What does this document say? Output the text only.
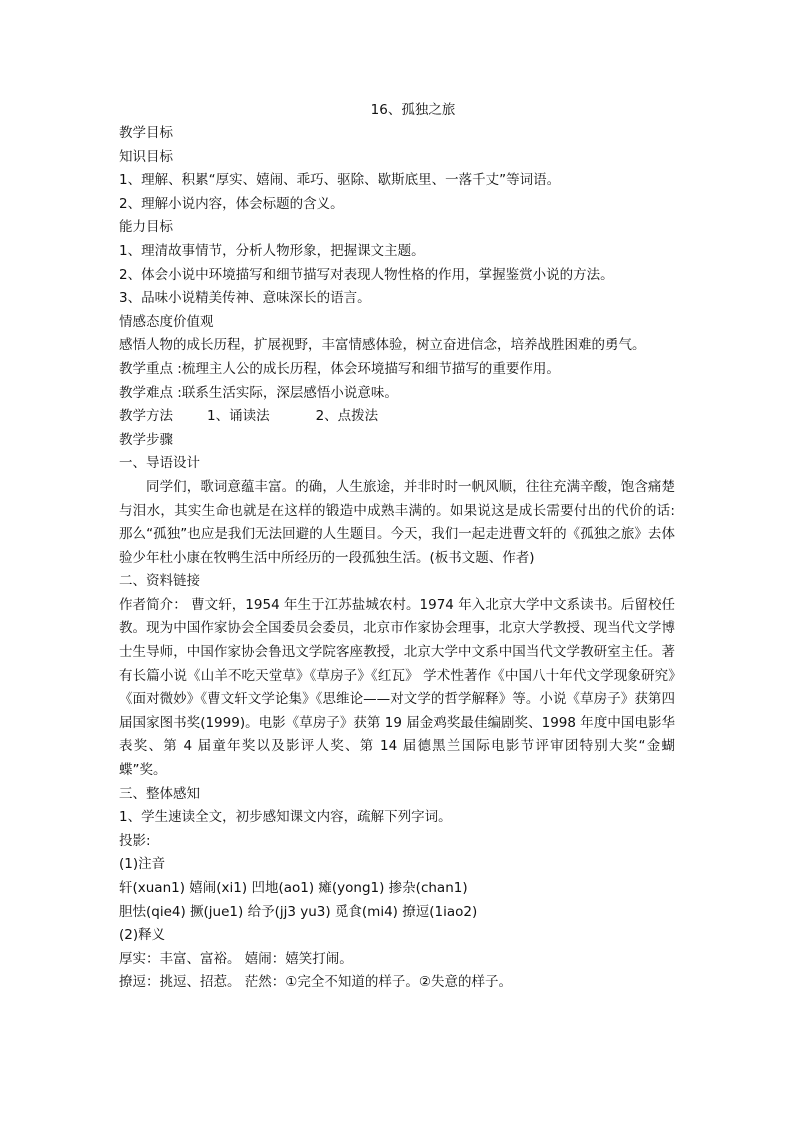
16、孤独之旅
教学目标
知识目标
1、理解、积累“厚实、嬉闹、乖巧、驱除、歇斯底里、一落千丈”等词语。
2、理解小说内容，体会标题的含义。
能力目标
1、理清故事情节，分析人物形象，把握课文主题。
2、体会小说中环境描写和细节描写对表现人物性格的作用，掌握鉴赏小说的方法。
3、品味小说精美传神、意味深长的语言。
情感态度价值观
感悟人物的成长历程，扩展视野，丰富情感体验，树立奋进信念，培养战胜困难的勇气。
教学重点 :梳理主人公的成长历程，体会环境描写和细节描写的重要作用。
教学难点 :联系生活实际，深层感悟小说意味。
教学方法	1、诵读法	2、点拨法
教学步骤
一、导语设计
同学们，歌词意蕴丰富。的确，人生旅途，并非时时一帆风顺，往往充满辛酸，饱含痛楚与泪水，其实生命也就是在这样的锻造中成熟丰满的。如果说这是成长需要付出的代价的话: 那么“孤独”也应是我们无法回避的人生题目。今天，我们一起走进曹文轩的《孤独之旅》去体验少年杜小康在牧鸭生活中所经历的一段孤独生活。(板书文题、作者)
二、资料链接
作者简介： 曹文轩，1954 年生于江苏盐城农村。1974 年入北京大学中文系读书。后留校任教。现为中国作家协会全国委员会委员，北京市作家协会理事，北京大学教授、现当代文学博士生导师，中国作家协会鲁迅文学院客座教授，北京大学中文系中国当代文学教研室主任。著有长篇小说《山羊不吃天堂草》《草房子》《红瓦》 学术性著作《中国八十年代文学现象研究》《面对微妙》《曹文轩文学论集》《思维论——对文学的哲学解释》等。小说《草房子》获第四届国家图书奖(1999)。电影《草房子》获第 19 届金鸡奖最佳编剧奖、1998 年度中国电影华表奖、第 4 届童年奖以及影评人奖、第 14 届德黑兰国际电影节评审团特别大奖“金蝴蝶”奖。
三、整体感知
1、学生速读全文，初步感知课文内容，疏解下列字词。
投影:
(1)注音
轩(xuan1) 嬉闹(xi1) 凹地(ao1) 瘫(yong1) 掺杂(chan1)
胆怯(qie4) 撅(jue1) 给予(jj3 yu3) 觅食(mi4) 撩逗(1iao2)
(2)释义
厚实：丰富、富裕。 嬉闹：嬉笑打闹。
撩逗：挑逗、招惹。 茫然：①完全不知道的样子。②失意的样子。
